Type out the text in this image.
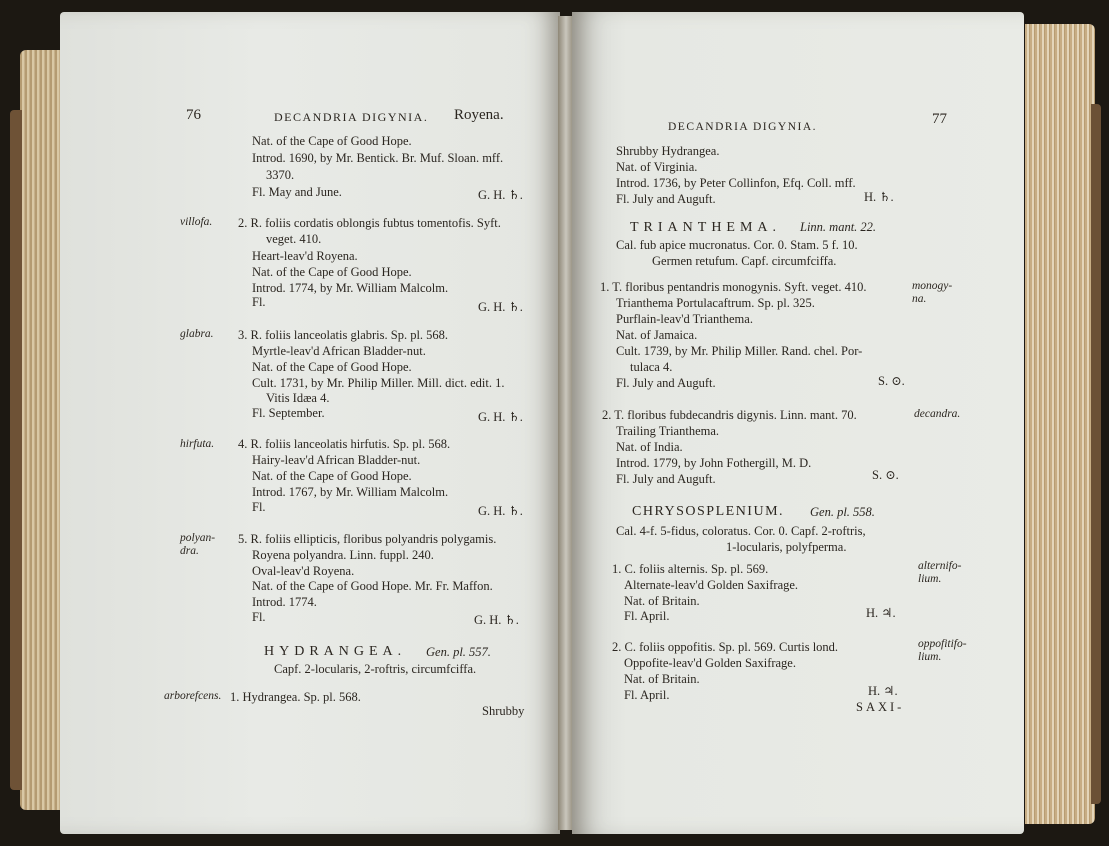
76	DECANDRIA DIGYNIA. Royena.
Nat. of the Cape of Good Hope.
Introd. 1690, by Mr. Bentick. Br. Muf. Sloan. mff.
3370.
Fl. May and June.	G. H. ♄.
villofa. 2. R. foliis cordatis oblongis fubtus tomentofis. Syft.
veget. 410.
Heart-leav'd Royena.
Nat. of the Cape of Good Hope.
Introd. 1774, by Mr. William Malcolm.
Fl.	G. H. ♄.
glabra. 3. R. foliis lanceolatis glabris. Sp. pl. 568.
Myrtle-leav'd African Bladder-nut.
Nat. of the Cape of Good Hope.
Cult. 1731, by Mr. Philip Miller. Mill. dict. edit. 1.
Vitis Idæa 4.
Fl. September.	G. H. ♄.
hirfuta. 4. R. foliis lanceolatis hirfutis. Sp. pl. 568.
Hairy-leav'd African Bladder-nut.
Nat. of the Cape of Good Hope.
Introd. 1767, by Mr. William Malcolm.
Fl.	G. H. ♄.
polyan-
dra.
5. R. foliis ellipticis, floribus polyandris polygamis.
Royena polyandra. Linn. fuppl. 240.
Oval-leav'd Royena.
Nat. of the Cape of Good Hope. Mr. Fr. Maffon.
Introd. 1774.
Fl.	G. H. ♄.
HYDRANGEA. Gen. pl. 557.
Capf. 2-locularis, 2-roftris, circumfciffa.
arborefcens. 1. Hydrangea. Sp. pl. 568.
Shrubby
DECANDRIA DIGYNIA.	77
Shrubby Hydrangea.
Nat. of Virginia.
Introd. 1736, by Peter Collinfon, Efq. Coll. mff.
Fl. July and Auguft.	H. ♄.
TRIANTHEMA. Linn. mant. 22.
Cal. fub apice mucronatus. Cor. 0. Stam. 5 f. 10.
Germen retufum. Capf. circumfciffa.
1. T. floribus pentandris monogynis. Syft. veget. 410.
Trianthema Portulacaftrum. Sp. pl. 325.
Purflain-leav'd Trianthema.
Nat. of Jamaica.
Cult. 1739, by Mr. Philip Miller. Rand. chel. Por-
tulaca 4.
Fl. July and Auguft.	S. ⊙.
monogy-
na.
2. T. floribus fubdecandris digynis. Linn. mant. 70.
Trailing Trianthema.
Nat. of India.
Introd. 1779, by John Fothergill, M. D.
Fl. July and Auguft.	S. ⊙.
decandra.
CHRYSOSPLENIUM. Gen. pl. 558.
Cal. 4-f. 5-fidus, coloratus. Cor. 0. Capf. 2-roftris,
1-locularis, polyfperma.
1. C. foliis alternis. Sp. pl. 569.
Alternate-leav'd Golden Saxifrage.
Nat. of Britain.
Fl. April.	H. ♃.
alternifo-
lium.
2. C. foliis oppofitis. Sp. pl. 569. Curtis lond.
Oppofite-leav'd Golden Saxifrage.
Nat. of Britain.
Fl. April.	H. ♃.
oppofitifo-
lium.
SAXI-
